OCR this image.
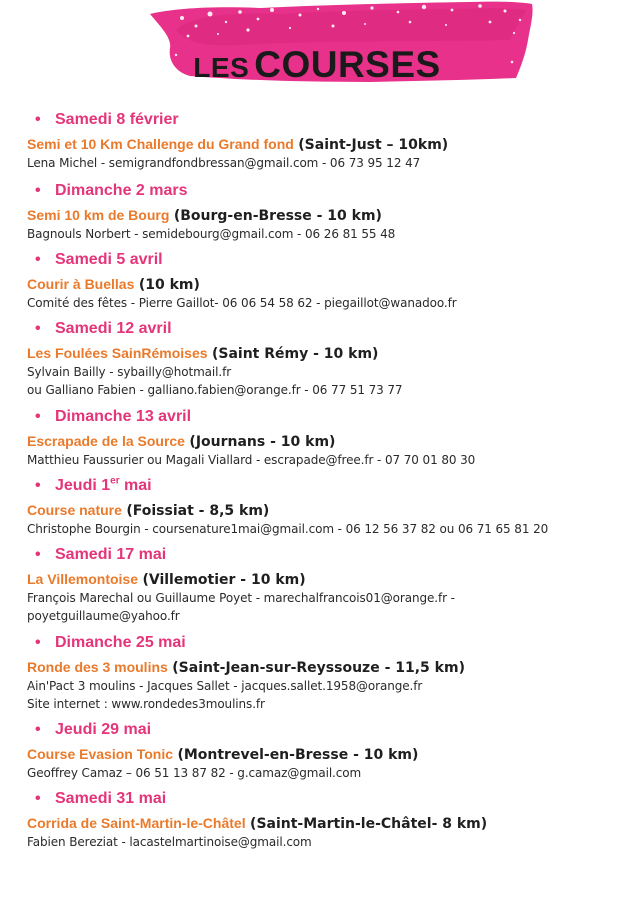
LES COURSES
• Samedi 8 février
Semi et 10 Km Challenge du Grand fond (Saint-Just – 10km)
Lena Michel - semigrandfondbressan@gmail.com - 06 73 95 12 47
• Dimanche 2 mars
Semi 10 km de Bourg (Bourg-en-Bresse - 10 km)
Bagnouls Norbert - semidebourg@gmail.com - 06 26 81 55 48
• Samedi 5 avril
Courir à Buellas (10 km)
Comité des fêtes - Pierre Gaillot- 06 06 54 58 62 - piegaillot@wanadoo.fr
• Samedi 12 avril
Les Foulées SainRémoises (Saint Rémy - 10 km)
Sylvain Bailly - sybailly@hotmail.fr
ou Galliano Fabien - galliano.fabien@orange.fr - 06 77 51 73 77
• Dimanche 13 avril
Escrapade de la Source (Journans - 10 km)
Matthieu Faussurier ou Magali Viallard - escrapade@free.fr - 07 70 01 80 30
• Jeudi 1er mai
Course nature (Foissiat - 8,5 km)
Christophe Bourgin - coursenature1mai@gmail.com - 06 12 56 37 82 ou 06 71 65 81 20
• Samedi 17 mai
La Villemontoise (Villemotier - 10 km)
François Marechal ou Guillaume Poyet - marechalfrancois01@orange.fr -
poyetguillaume@yahoo.fr
• Dimanche 25 mai
Ronde des 3 moulins (Saint-Jean-sur-Reyssouze - 11,5 km)
Ain'Pact 3 moulins - Jacques Sallet - jacques.sallet.1958@orange.fr
Site internet : www.rondedes3moulins.fr
• Jeudi 29 mai
Course Evasion Tonic (Montrevel-en-Bresse - 10 km)
Geoffrey Camaz – 06 51 13 87 82 - g.camaz@gmail.com
• Samedi 31 mai
Corrida de Saint-Martin-le-Châtel (Saint-Martin-le-Châtel- 8 km)
Fabien Bereziat - lacastelmartinoise@gmail.com
